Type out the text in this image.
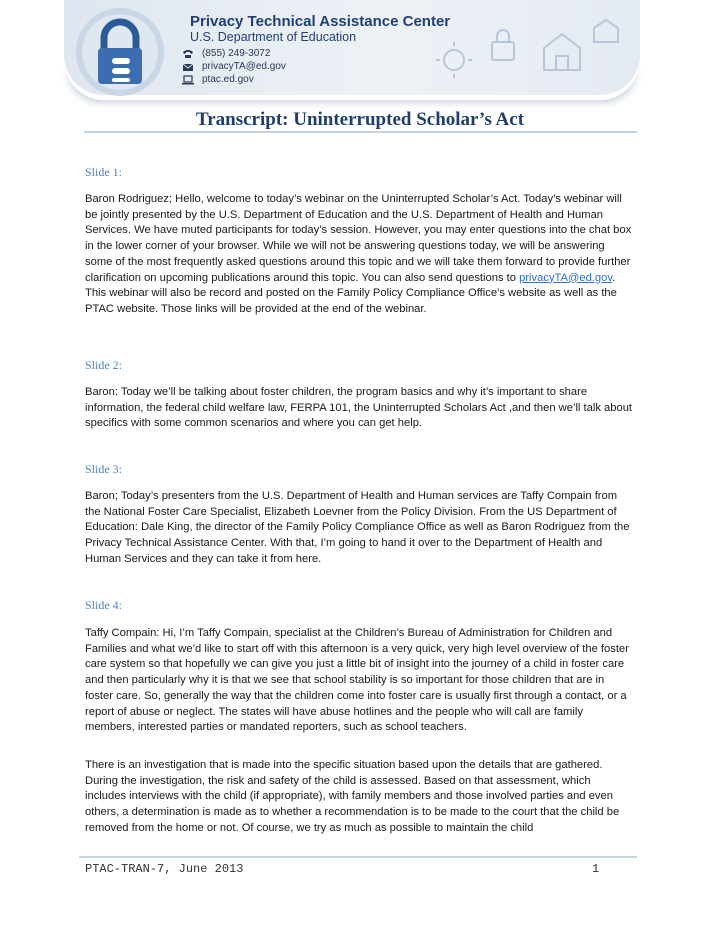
Privacy Technical Assistance Center
U.S. Department of Education
(855) 249-3072
privacyTA@ed.gov
ptac.ed.gov
Transcript: Uninterrupted Scholar’s Act
Slide 1:
Baron Rodriguez; Hello, welcome to today’s webinar on the Uninterrupted Scholar’s Act. Today’s webinar will be jointly presented by the U.S. Department of Education and the U.S. Department of Health and Human Services. We have muted participants for today’s session. However, you may enter questions into the chat box in the lower corner of your browser. While we will not be answering questions today, we will be answering some of the most frequently asked questions around this topic and we will take them forward to provide further clarification on upcoming publications around this topic. You can also send questions to privacyTA@ed.gov. This webinar will also be record and posted on the Family Policy Compliance Office’s website as well as the PTAC website. Those links will be provided at the end of the webinar.
Slide 2:
Baron: Today we’ll be talking about foster children, the program basics and why it’s important to share information, the federal child welfare law, FERPA 101, the Uninterrupted Scholars Act ,and then we’ll talk about specifics with some common scenarios and where you can get help.
Slide 3:
Baron; Today’s presenters from the U.S. Department of Health and Human services are Taffy Compain from the National Foster Care Specialist, Elizabeth Loevner from the Policy Division. From the US Department of Education: Dale King, the director of the Family Policy Compliance Office as well as Baron Rodriguez from the Privacy Technical Assistance Center. With that, I’m going to hand it over to the Department of Health and Human Services and they can take it from here.
Slide 4:
Taffy Compain: Hi, I’m Taffy Compain, specialist at the Children’s Bureau of Administration for Children and Families and what we’d like to start off with this afternoon is a very quick, very high level overview of the foster care system so that hopefully we can give you just a little bit of insight into the journey of a child in foster care and then particularly why it is that we see that school stability is so important for those children that are in foster care. So, generally the way that the children come into foster care is usually first through a contact, or a report of abuse or neglect. The states will have abuse hotlines and the people who will call are family members, interested parties or mandated reporters, such as school teachers.
There is an investigation that is made into the specific situation based upon the details that are gathered. During the investigation, the risk and safety of the child is assessed. Based on that assessment, which includes interviews with the child (if appropriate), with family members and those involved parties and even others, a determination is made as to whether a recommendation is to be made to the court that the child be removed from the home or not. Of course, we try as much as possible to maintain the child
PTAC-TRAN-7, June 2013	1
